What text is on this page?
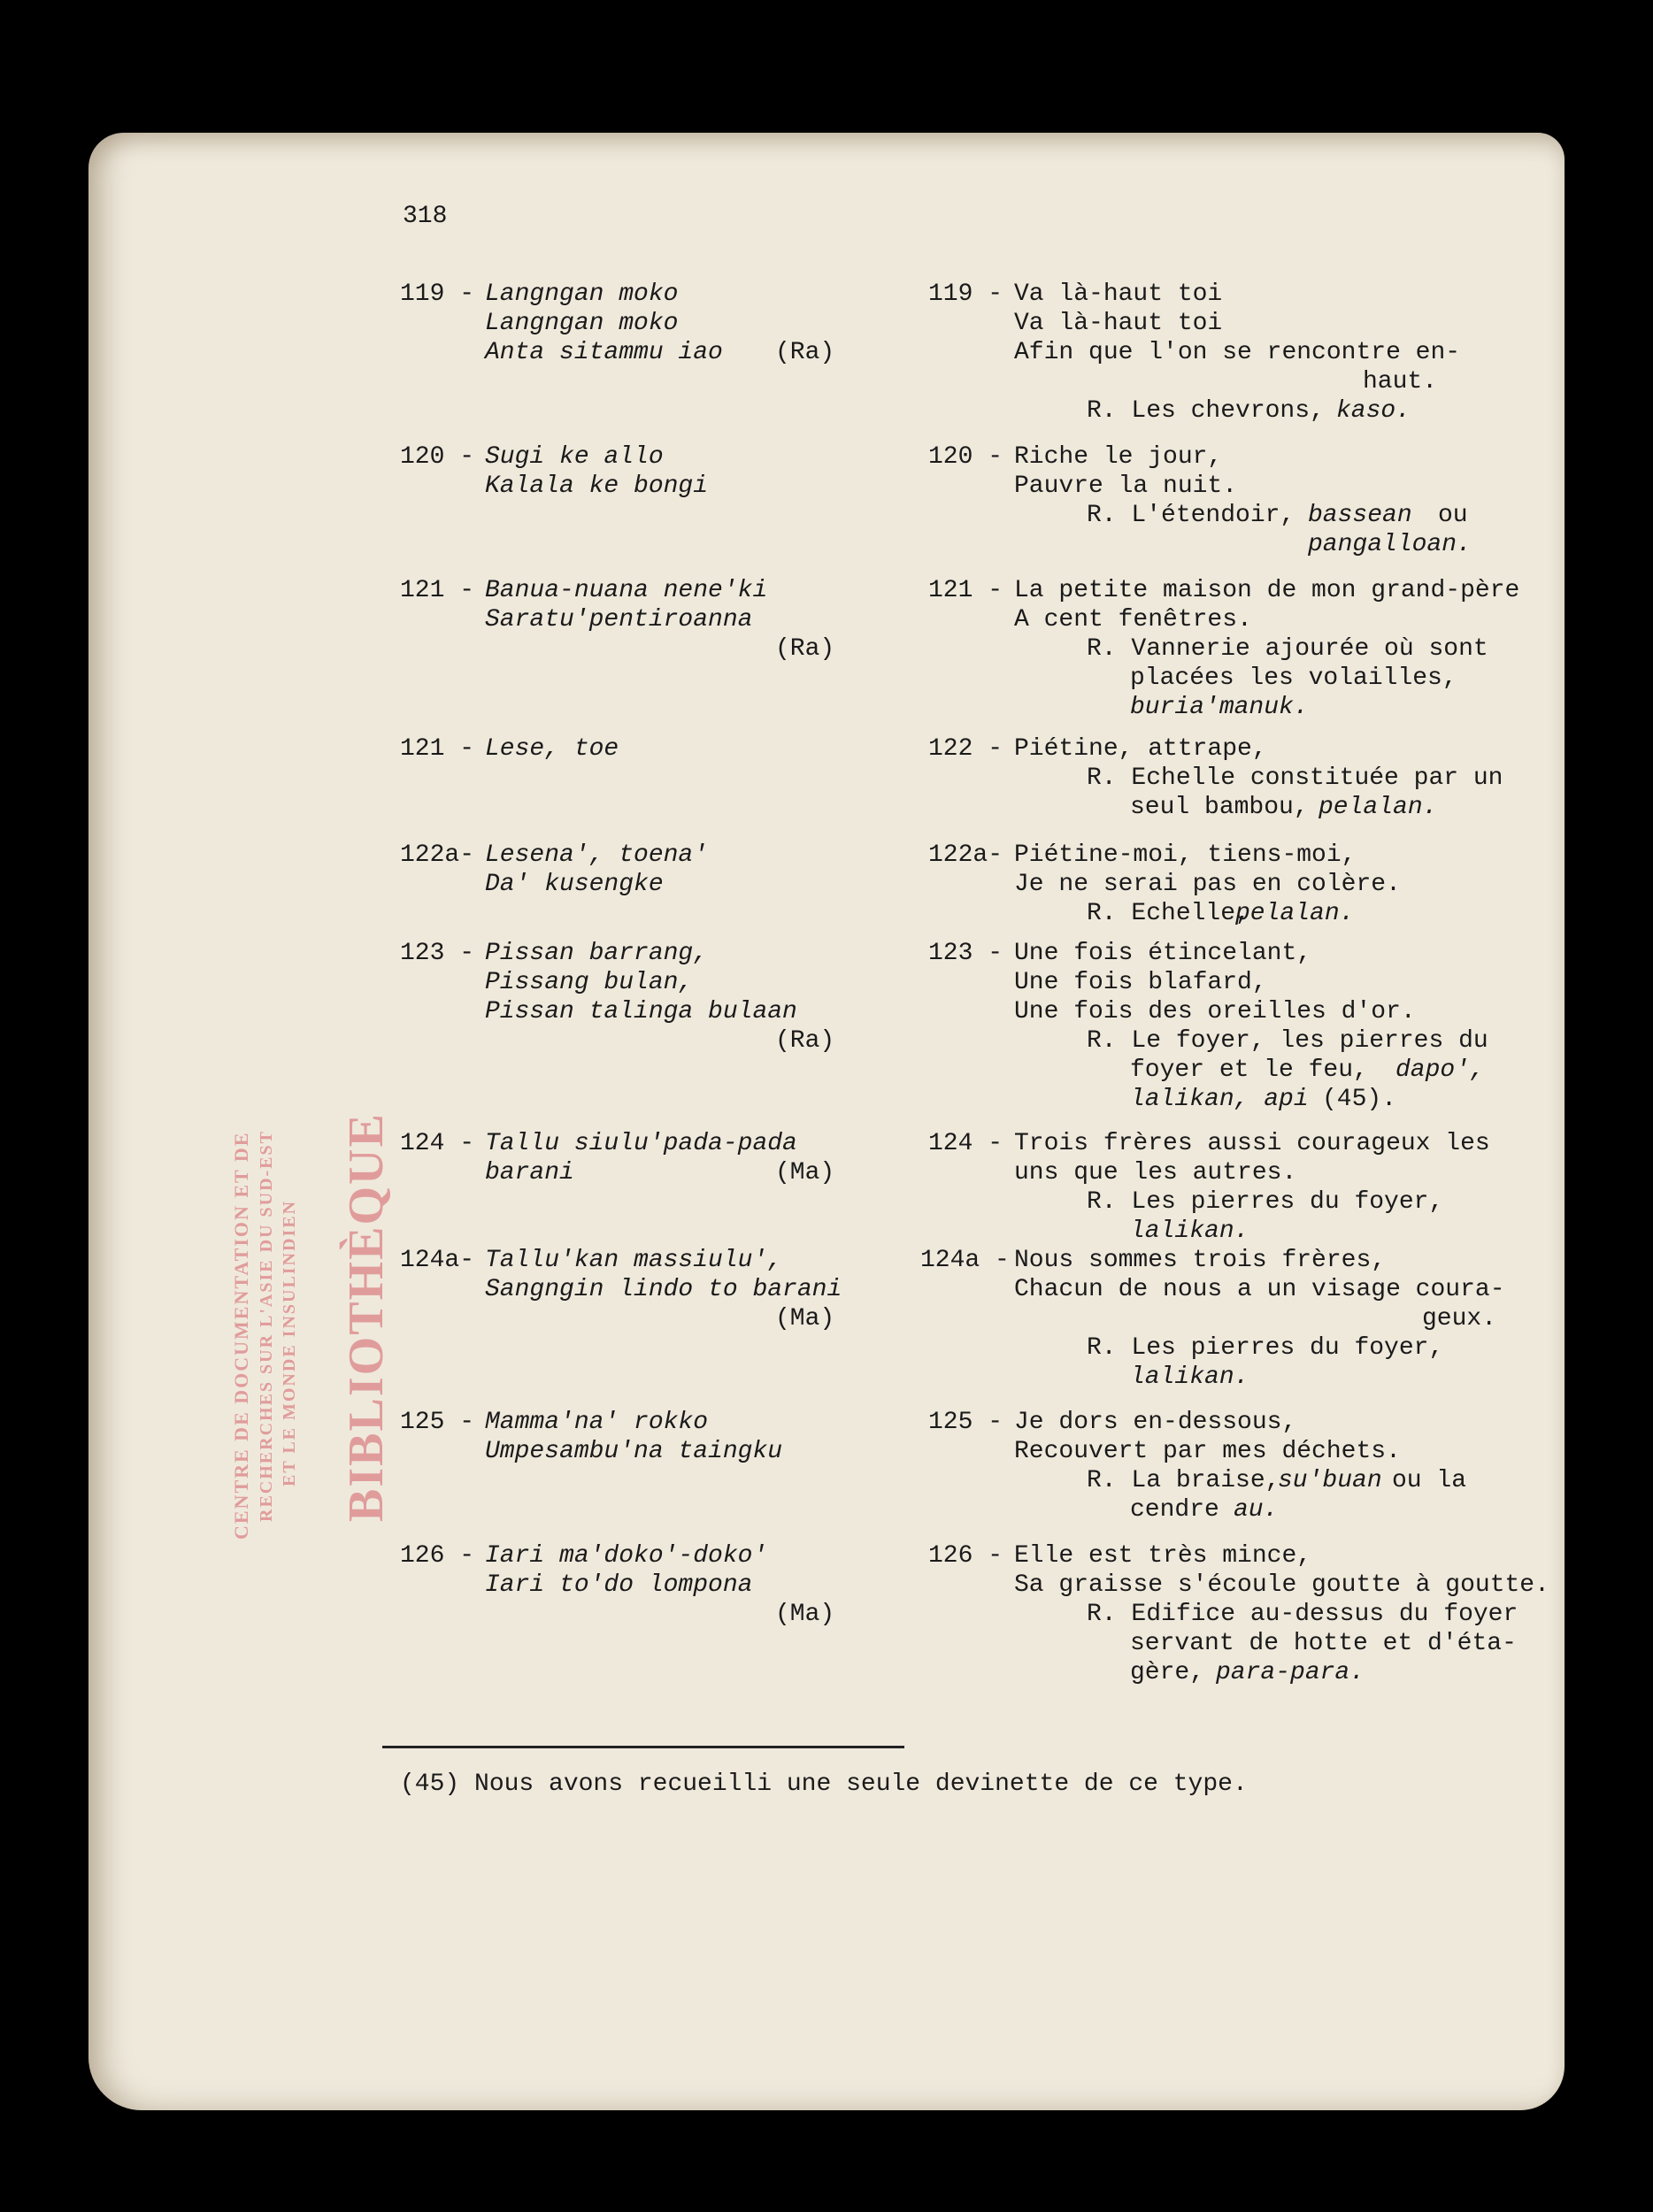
CENTRE DE DOCUMENTATION ET DE RECHERCHES SUR L'ASIE DU SUD-EST ET LE MONDE INSULINDIEN BIBLIOTHÈQUE
318
119 - Langngan moko
Langngan moko
Anta sitammu iao (Ra)
119 - Va là-haut toi
Va là-haut toi
Afin que l'on se rencontre en-
haut.
R. Les chevrons, kaso.
120 - Sugi ke allo
Kalala ke bongi
120 - Riche le jour,
Pauvre la nuit.
R. L'étendoir, bassean ou
pangalloan.
121 - Banua-nuana nene'ki
Saratu'pentiroanna
(Ra)
121 - La petite maison de mon grand-père
A cent fenêtres.
R. Vannerie ajourée où sont
placées les volailles,
buria'manuk.
121 - Lese, toe	122 - Piétine, attrape,
R. Echelle constituée par un
seul bambou, pelalan.
122a- Lesena', toena'
Da' kusengke
122a- Piétine-moi, tiens-moi,
Je ne serai pas en colère.
R. Echelle,
pelalan.
123 - Pissan barrang,
Pissang bulan,
Pissan talinga bulaan
(Ra)
123 - Une fois étincelant,
Une fois blafard,
Une fois des oreilles d'or.
R. Le foyer, les pierres du
foyer et le feu, dapo',
lalikan, api (45).
124 - Tallu siulu'pada-pada
barani	(Ma)
124 - Trois frères aussi courageux les
uns que les autres.
R. Les pierres du foyer,
lalikan.
124a- Tallu'kan massiulu',
Sangngin lindo to barani
(Ma)
124a - Nous sommes trois frères,
Chacun de nous a un visage coura-
geux.
R. Les pierres du foyer,
lalikan.
125 - Mamma'na' rokko
Umpesambu'na taingku
125 - Je dors en-dessous,
Recouvert par mes déchets.
R. La braise,
su'buan ou la
cendre au.
126 - Iari ma'doko'-doko'
Iari to'do lompona
(Ma)
126 - Elle est très mince,
Sa graisse s'écoule goutte à goutte.
R. Edifice au-dessus du foyer
servant de hotte et d'éta-
gère, para-para.
(45) Nous avons recueilli une seule devinette de ce type.
